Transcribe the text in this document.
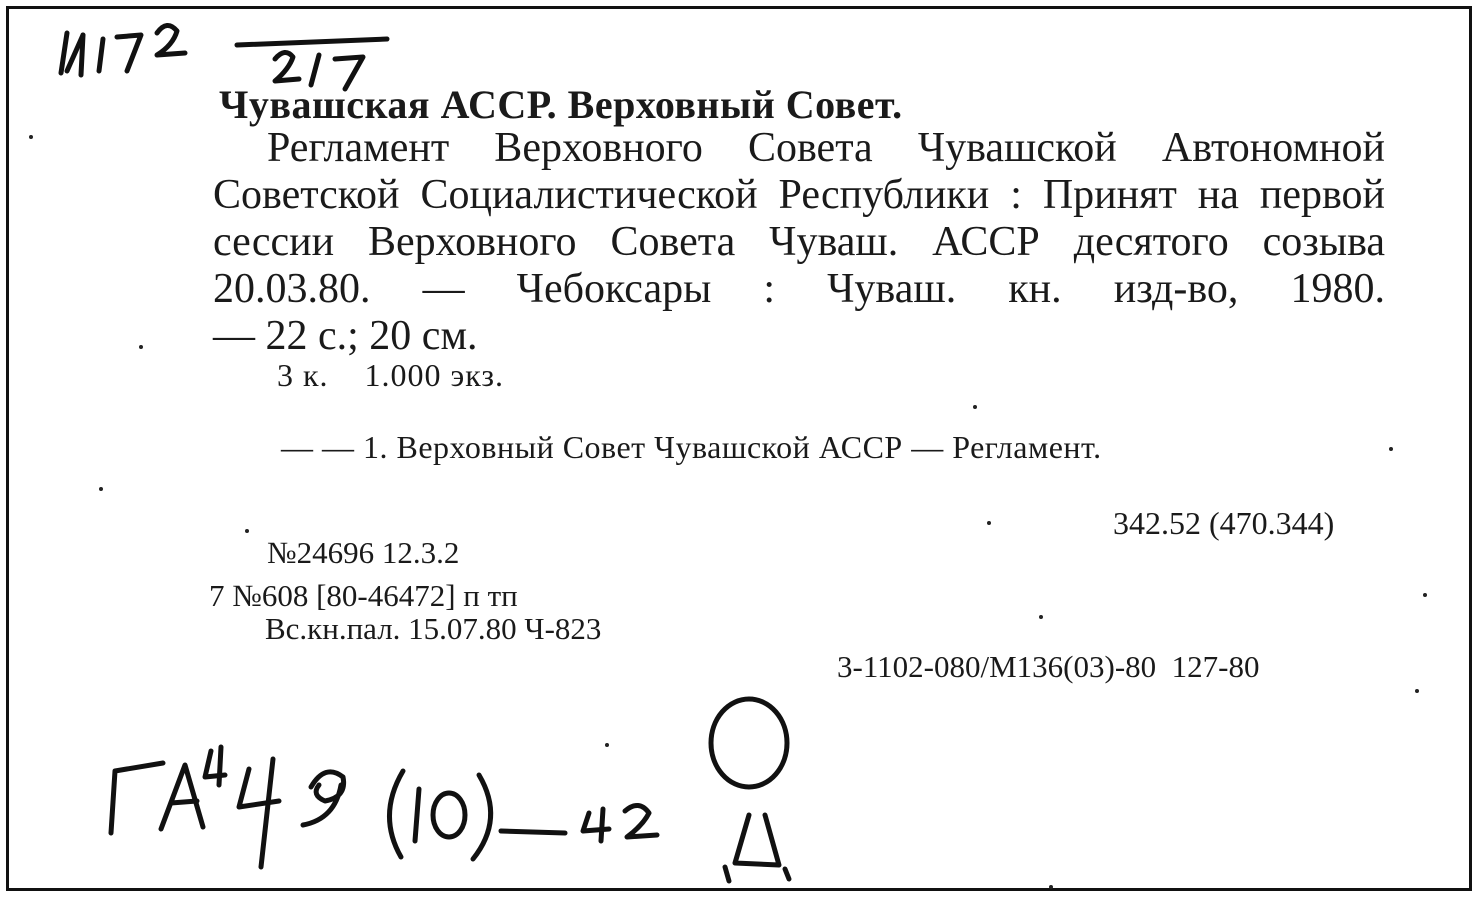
Чувашская АССР. Верховный Совет.
Регламент Верховного Совета Чувашской Автономной Советской Социалистической Республики : Принят на первой сессии Верховного Совета Чуваш. АССР десятого созыва 20.03.80. — Чебоксары : Чуваш. кн. изд-во, 1980.
— 22 с.; 20 см.
3 к.    1.000 экз.
— — 1. Верховный Совет Чувашской АССР — Регламент.
342.52 (470.344)
№24696 12.3.2
7 №608 [80-46472] п тп
Вс.кн.пал. 15.07.80 Ч-823
3-1102-080/М136(03)-80  127-80
